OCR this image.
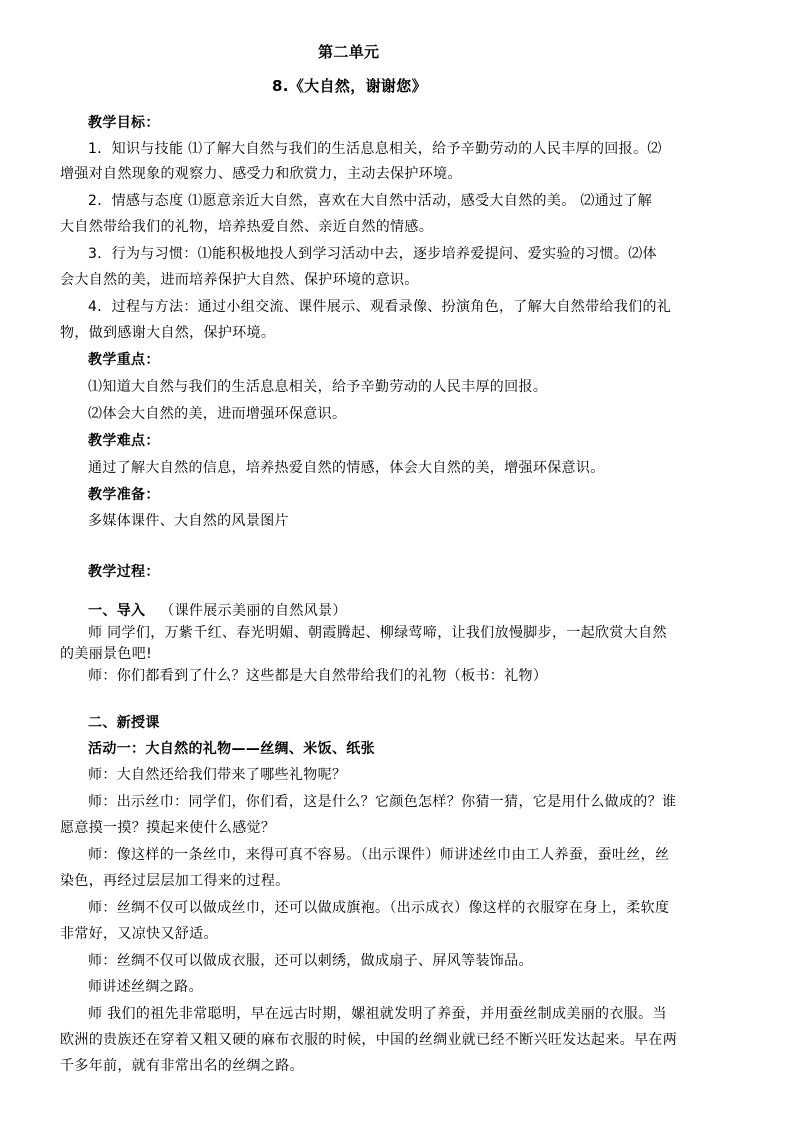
第二单元
8.《大自然，谢谢您》
教学目标：
1．知识与技能 ⑴了解大自然与我们的生活息息相关，给予辛勤劳动的人民丰厚的回报。⑵
增强对自然现象的观察力、感受力和欣赏力，主动去保护环境。
2．情感与态度 ⑴愿意亲近大自然，喜欢在大自然中活动，感受大自然的美。 ⑵通过了解
大自然带给我们的礼物，培养热爱自然、亲近自然的情感。
3．行为与习惯：⑴能积极地投人到学习活动中去，逐步培养爱提问、爱实验的习惯。⑵体
会大自然的美，进而培养保护大自然、保护环境的意识。
4．过程与方法：通过小组交流、课件展示、观看录像、扮演角色，了解大自然带给我们的礼
物，做到感谢大自然，保护环境。
教学重点：
⑴知道大自然与我们的生活息息相关，给予辛勤劳动的人民丰厚的回报。
⑵体会大自然的美，进而增强环保意识。
教学难点：
通过了解大自然的信息，培养热爱自然的情感，体会大自然的美，增强环保意识。
教学准备：
多媒体课件、大自然的风景图片
教学过程：
一、导入 （课件展示美丽的自然风景）
师 同学们，万紫千红、春光明媚、朝霞腾起、柳绿莺啼，让我们放慢脚步，一起欣赏大自然
的美丽景色吧!
师：你们都看到了什么？这些都是大自然带给我们的礼物（板书：礼物）
二、新授课
活动一：大自然的礼物——丝绸、米饭、纸张
师：大自然还给我们带来了哪些礼物呢？
师：出示丝巾：同学们，你们看，这是什么？它颜色怎样？你猜一猜，它是用什么做成的？谁
愿意摸一摸？摸起来使什么感觉？
师：像这样的一条丝巾，来得可真不容易。（出示课件）师讲述丝巾由工人养蚕，蚕吐丝，丝
染色，再经过层层加工得来的过程。
师：丝绸不仅可以做成丝巾，还可以做成旗袍。（出示成衣）像这样的衣服穿在身上，柔软度
非常好，又凉快又舒适。
师：丝绸不仅可以做成衣服，还可以刺绣，做成扇子、屏风等装饰品。
师讲述丝绸之路。
师 我们的祖先非常聪明，早在远古时期，嫘祖就发明了养蚕，并用蚕丝制成美丽的衣服。当
欧洲的贵族还在穿着又粗又硬的麻布衣服的时候，中国的丝绸业就已经不断兴旺发达起来。早在两
千多年前，就有非常出名的丝绸之路。
